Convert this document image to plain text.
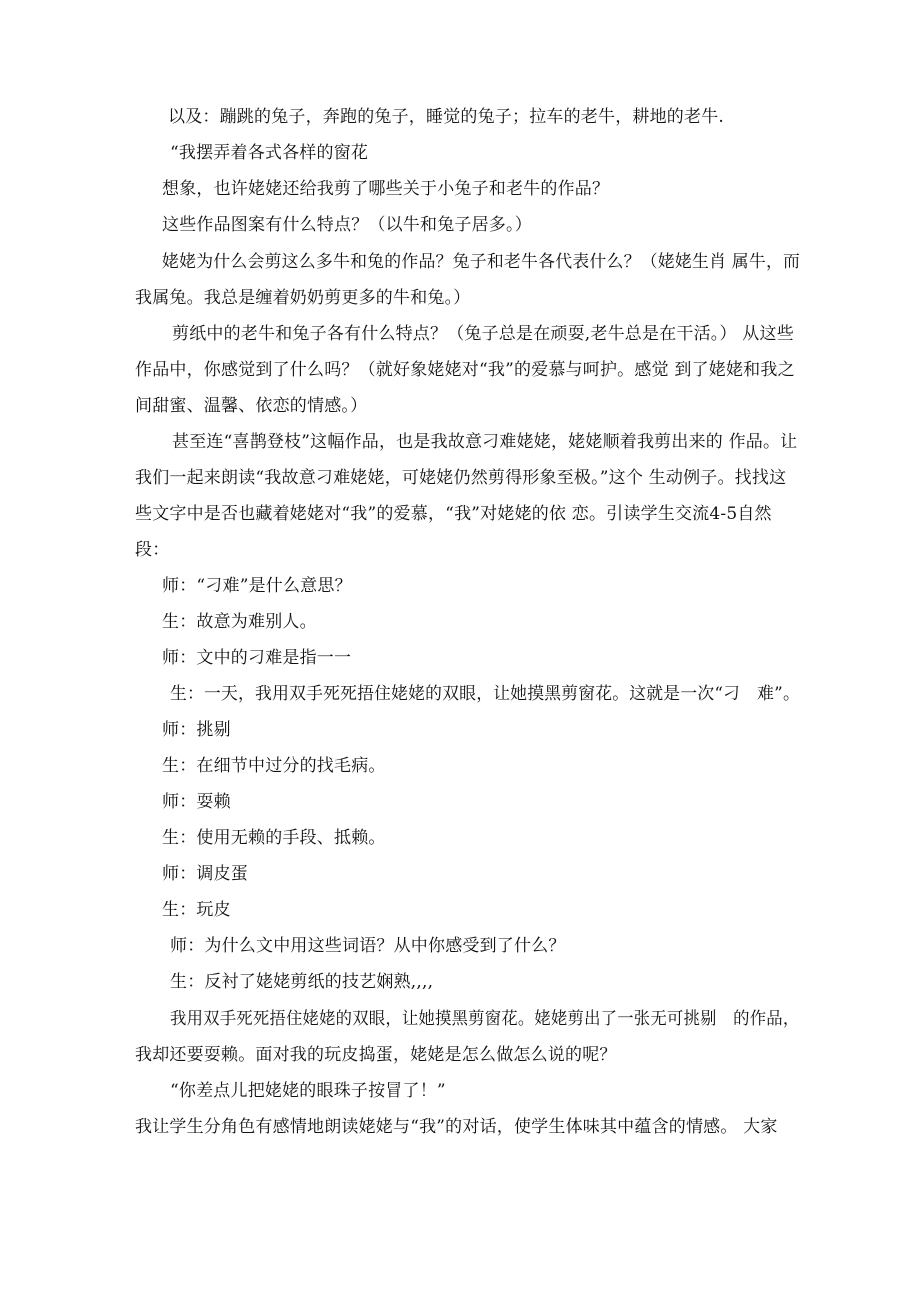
以及：蹦跳的兔子，奔跑的兔子，睡觉的兔子；拉车的老牛，耕地的老牛.
“我摆弄着各式各样的窗花
想象，也许姥姥还给我剪了哪些关于小兔子和老牛的作品？
这些作品图案有什么特点？（以牛和兔子居多。）
姥姥为什么会剪这么多牛和兔的作品？兔子和老牛各代表什么？（姥姥生肖 属牛，而
我属兔。我总是缠着奶奶剪更多的牛和兔。）
剪纸中的老牛和兔子各有什么特点？（兔子总是在顽耍,老牛总是在干活。） 从这些
作品中，你感觉到了什么吗？（就好象姥姥对“我”的爱慕与呵护。感觉 到了姥姥和我之
间甜蜜、温馨、依恋的情感。）
甚至连“喜鹊登枝”这幅作品，也是我故意刁难姥姥，姥姥顺着我剪出来的 作品。让
我们一起来朗读“我故意刁难姥姥，可姥姥仍然剪得形象至极。”这个 生动例子。找找这
些文字中是否也藏着姥姥对“我”的爱慕，“我”对姥姥的依 恋。引读学生交流4-5自然
段：
师：“刁难”是什么意思？
生：故意为难别人。
师：文中的刁难是指一一
生：一天，我用双手死死捂住姥姥的双眼，让她摸黑剪窗花。这就是一次“刁　难”。
师：挑剔
生：在细节中过分的找毛病。
师：耍赖
生：使用无赖的手段、抵赖。
师：调皮蛋
生：玩皮
师：为什么文中用这些词语？从中你感受到了什么？
生：反衬了姥姥剪纸的技艺娴熟,,,,
我用双手死死捂住姥姥的双眼，让她摸黑剪窗花。姥姥剪出了一张无可挑剔　的作品，
我却还要耍赖。面对我的玩皮捣蛋，姥姥是怎么做怎么说的呢？
“你差点儿把姥姥的眼珠子按冒了！”
我让学生分角色有感情地朗读姥姥与“我”的对话，使学生体味其中蕴含的情感。 大家
